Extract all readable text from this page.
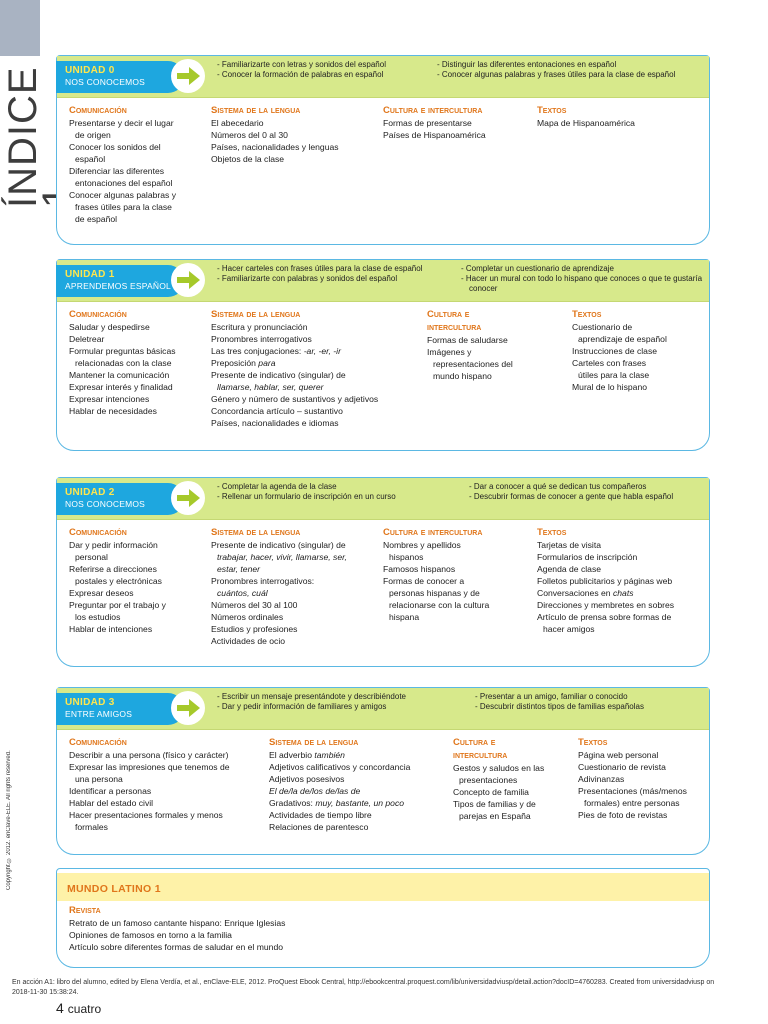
ÍNDICE
Copyright © 2012. enClave-ELE. All rights reserved.
UNIDAD 0
NOS CONOCEMOS
- Familiarizarte con letras y sonidos del español
- Conocer la formación de palabras en español
- Distinguir las diferentes entonaciones en español
- Conocer algunas palabras y frases útiles para la clase de español
Comunicación
Presentarse y decir el lugar
de origen
Conocer los sonidos del
español
Diferenciar las diferentes
entonaciones del español
Conocer algunas palabras y
frases útiles para la clase
de español
Sistema de la lengua
El abecedario
Números del 0 al 30
Países, nacionalidades y lenguas
Objetos de la clase
Cultura e intercultura
Formas de presentarse
Países de Hispanoamérica
Textos
Mapa de Hispanoamérica
UNIDAD 1
APRENDEMOS ESPAÑOL
- Hacer carteles con frases útiles para la clase de español
- Familiarizarte con palabras y sonidos del español
- Completar un cuestionario de aprendizaje
- Hacer un mural con todo lo hispano que conoces o que te gustaría conocer
Comunicación
Saludar y despedirse
Deletrear
Formular preguntas básicas
relacionadas con la clase
Mantener la comunicación
Expresar interés y finalidad
Expresar intenciones
Hablar de necesidades
Sistema de la lengua
Escritura y pronunciación
Pronombres interrogativos
Las tres conjugaciones: -ar, -er, -ir
Preposición para
Presente de indicativo (singular) de
llamarse, hablar, ser, querer
Género y número de sustantivos y adjetivos
Concordancia artículo – sustantivo
Países, nacionalidades e idiomas
Cultura e
intercultura
Formas de saludarse
Imágenes y
representaciones del
mundo hispano
Textos
Cuestionario de
aprendizaje de español
Instrucciones de clase
Carteles con frases
útiles para la clase
Mural de lo hispano
UNIDAD 2
NOS CONOCEMOS
- Completar la agenda de la clase
- Rellenar un formulario de inscripción en un curso
- Dar a conocer a qué se dedican tus compañeros
- Descubrir formas de conocer a gente que habla español
Comunicación
Dar y pedir información
personal
Referirse a direcciones
postales y electrónicas
Expresar deseos
Preguntar por el trabajo y
los estudios
Hablar de intenciones
Sistema de la lengua
Presente de indicativo (singular) de
trabajar, hacer, vivir, llamarse, ser,
estar, tener
Pronombres interrogativos:
cuántos, cuál
Números del 30 al 100
Números ordinales
Estudios y profesiones
Actividades de ocio
Cultura e intercultura
Nombres y apellidos
hispanos
Famosos hispanos
Formas de conocer a
personas hispanas y de
relacionarse con la cultura
hispana
Textos
Tarjetas de visita
Formularios de inscripción
Agenda de clase
Folletos publicitarios y páginas web
Conversaciones en chats
Direcciones y membretes en sobres
Artículo de prensa sobre formas de
hacer amigos
UNIDAD 3
ENTRE AMIGOS
- Escribir un mensaje presentándote y describiéndote
- Dar y pedir información de familiares y amigos
- Presentar a un amigo, familiar o conocido
- Descubrir distintos tipos de familias españolas
Comunicación
Describir a una persona (físico y carácter)
Expresar las impresiones que tenemos de
una persona
Identificar a personas
Hablar del estado civil
Hacer presentaciones formales y menos
formales
Sistema de la lengua
El adverbio también
Adjetivos calificativos y concordancia
Adjetivos posesivos
El de/la de/los de/las de
Gradativos: muy, bastante, un poco
Actividades de tiempo libre
Relaciones de parentesco
Cultura e
intercultura
Gestos y saludos en las
presentaciones
Concepto de familia
Tipos de familias y de
parejas en España
Textos
Página web personal
Cuestionario de revista
Adivinanzas
Presentaciones (más/menos
formales) entre personas
Pies de foto de revistas
MUNDO LATINO 1
Revista
Retrato de un famoso cantante hispano: Enrique Iglesias
Opiniones de famosos en torno a la familia
Artículo sobre diferentes formas de saludar en el mundo
En acción A1: libro del alumno, edited by Elena Verdía, et al., enClave-ELE, 2012. ProQuest Ebook Central, http://ebookcentral.proquest.com/lib/universidadviusp/detail.action?docID=4760283. Created from universidadviusp on 2018-11-30 15:38:24.
4 cuatro
